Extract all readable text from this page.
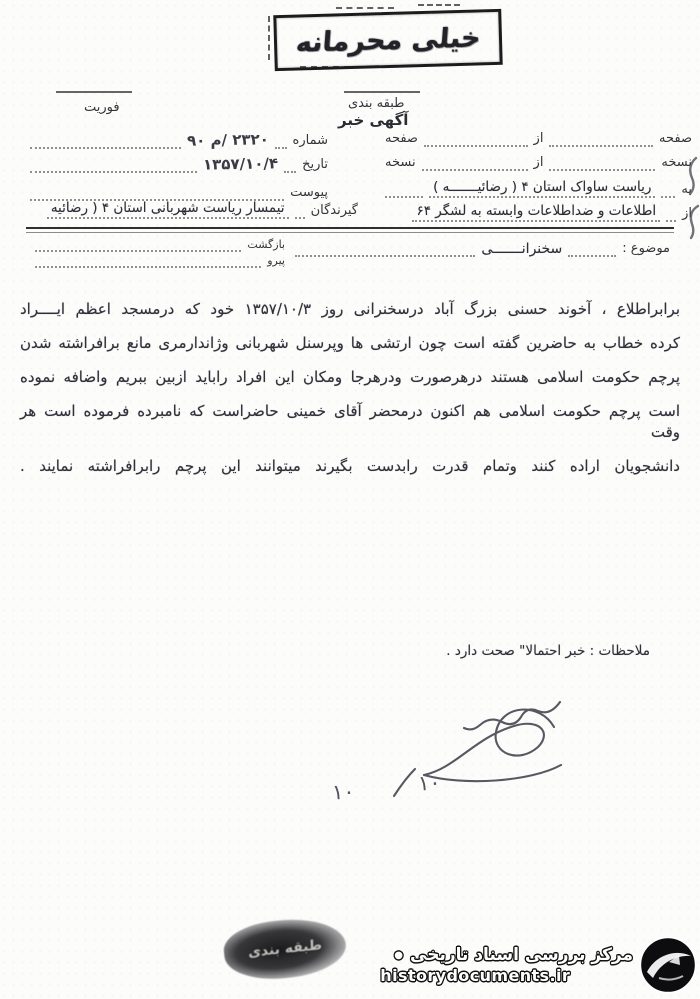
خیلی محرمانه
فوریت	طبقه بندی
آگهی خبر
صفحه
از
صفحه
نسخه
از
نسخه
به
ریاست ساواک استان ۴ ( رضائیـــــــه )
از
اطلاعات و ضداطلاعات وابسته به لشگر ۶۴
شماره
۲۳۲۰ /م ۹۰
تاریخ
۱۳۵۷/۱۰/۴
پیوست
گیرندگان
تیمسار ریاست شهربانی استان ۴ ( رضائیه
موضوع :
سخنرانـــــــی
بازگشت
پیرو
برابراطلاع ، آخوند حسنی بزرگ آباد درسخنرانی روز ۱۳۵۷/۱۰/۳ خود که درمسجد اعظم ایــــراد
کرده خطاب به حاضرین گفته است چون ارتشی ها وپرسنل شهربانی وژاندارمری مانع برافراشته شدن
پرچم حکومت اسلامی هستند درهرصورت ودرهرجا ومکان این افراد راباید ازبین ببریم واضافه نموده
است پرچم حکومت اسلامی هم اکنون درمحضر آقای خمینی حاضراست که نامبرده فرموده است هر وقت
دانشجویان اراده کنند وتمام قدرت رابدست بگیرند میتوانند این پرچم رابرافراشته نمایند .
ملاحظات : خبر احتمالا" صحت دارد .
۱۰
۱۰
طبقه بندی	مرکز بررسی اسناد تاریخی
●
historydocuments.ir
